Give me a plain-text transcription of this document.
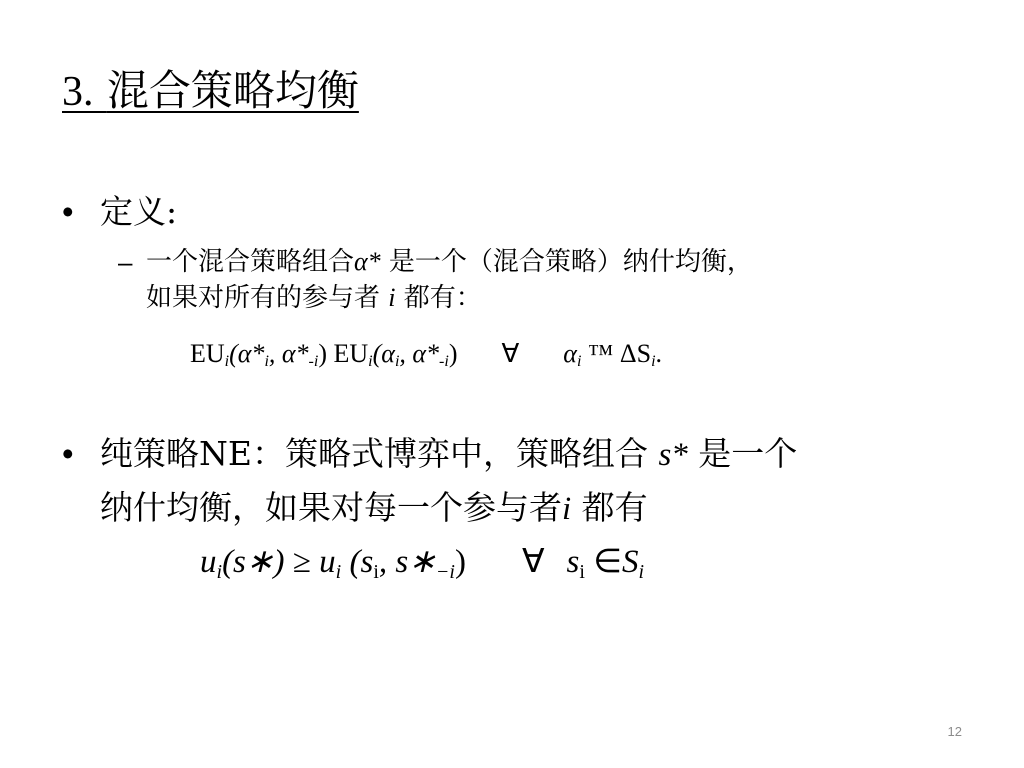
3. 混合策略均衡
• 定义:
– 一个混合策略组合α* 是一个（混合策略）纳什均衡，
如果对所有的参与者 i 都有：
$EU_i(\alpha*_i$, $\alpha*_{-i}$) $EU_i(\alpha_i$, $\alpha*_{-i}$) ∀ $\alpha_i$ ™ $\Delta S_i$.
• 纯策略NE：策略式博弈中，策略组合 s* 是一个
纳什均衡，如果对每一个参与者i 都有
$u_i(s∗) \ge u_i$ ($s_i$, $s∗_{-i}$) ∀ $s_i$ $\in S_i$
12
